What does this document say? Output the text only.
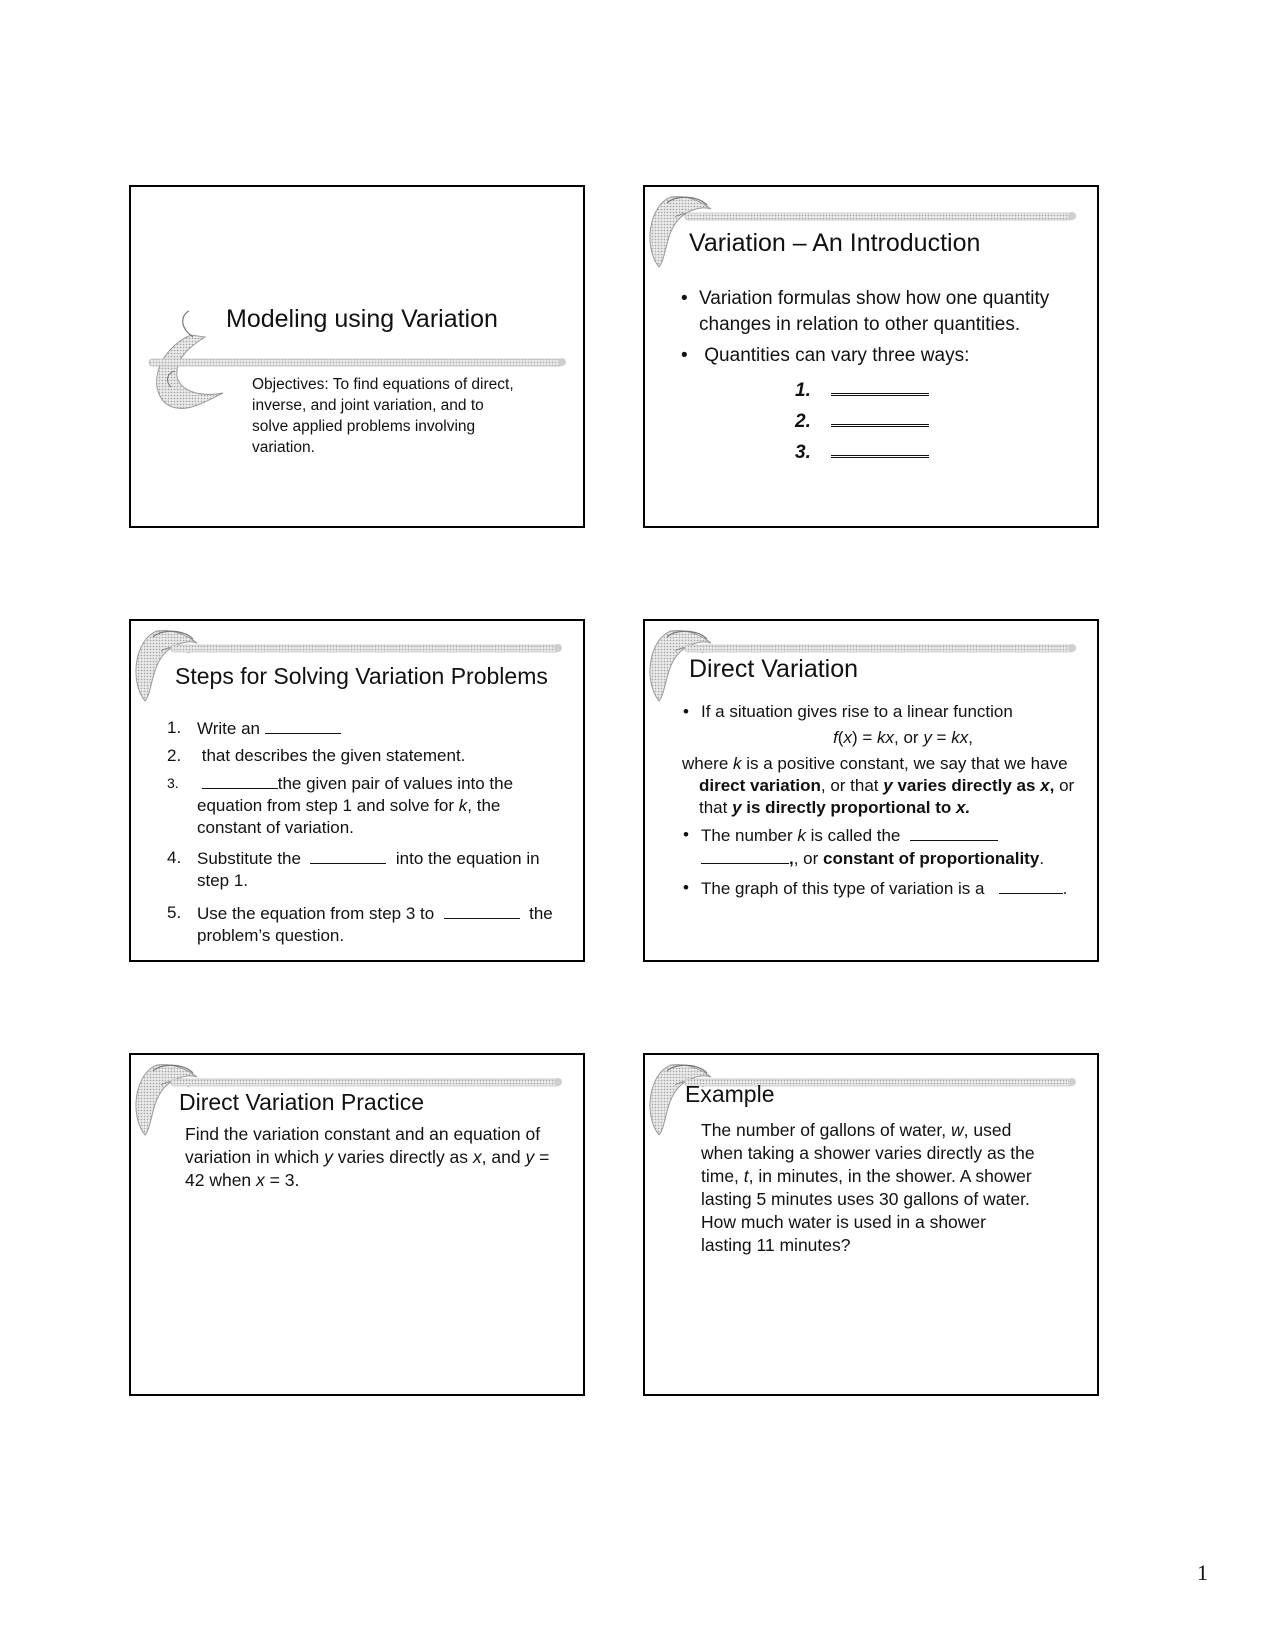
Modeling using Variation
Objectives: To find equations of direct, inverse, and joint variation, and to solve applied problems involving variation.
Variation – An Introduction
• Variation formulas show how one quantity changes in relation to other quantities.
• Quantities can vary three ways:
1.
2.
3.
Steps for Solving Variation Problems
1. Write an
2. that describes the given statement.
3.	the given pair of values into the equation from step 1 and solve for k, the constant of variation.
4. Substitute the	into the equation in step 1.
5. Use the equation from step 3 to	the problem’s question.
Direct Variation
• If a situation gives rise to a linear function
f(x) = kx, or y = kx,
where k is a positive constant, we say that we have direct variation, or that y varies directly as x, or that y is directly proportional to x.
• The number k is called the
,, or constant of proportionality.
• The graph of this type of variation is a	.
Direct Variation Practice
Find the variation constant and an equation of variation in which y varies directly as x, and y = 42 when x = 3.
Example
The number of gallons of water, w, used when taking a shower varies directly as the time, t, in minutes, in the shower. A shower lasting 5 minutes uses 30 gallons of water. How much water is used in a shower lasting 11 minutes?
1
